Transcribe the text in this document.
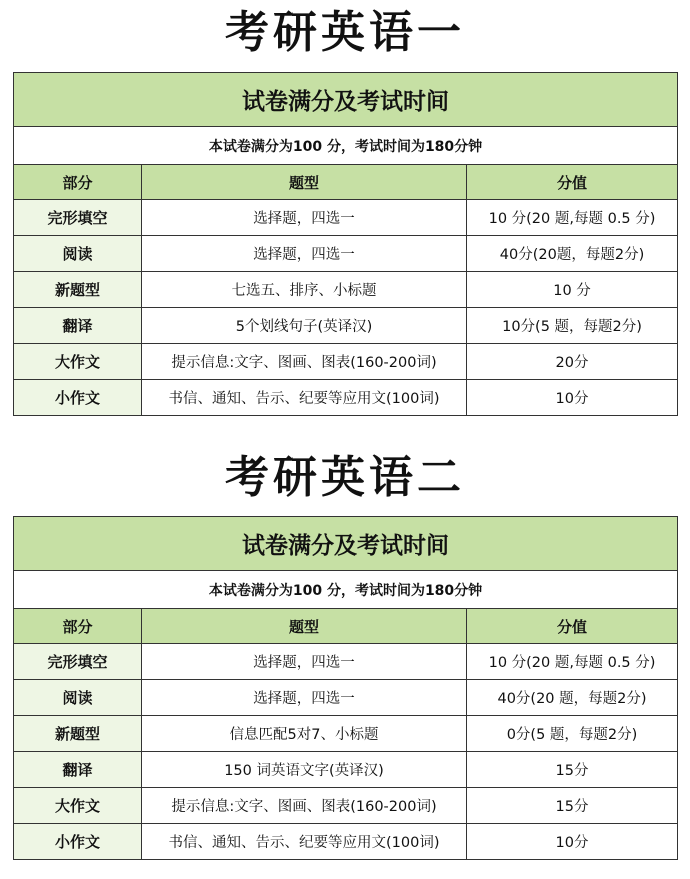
考研英语一
试卷满分及考试时间		
本试卷满分为100 分，考试时间为180分钟		
部分	题型	分值
完形填空	选择题，四选一	10 分(20 题,每题 0.5 分)
阅读	选择题，四选一	40分(20题，每题2分)
新题型	七选五、排序、小标题	10 分
翻译	5个划线句子(英译汉)	10分(5 题，每题2分)
大作文	提示信息:文字、图画、图表(160-200词)	20分
小作文	书信、通知、告示、纪要等应用文(100词)	10分
考研英语二
试卷满分及考试时间		
本试卷满分为100 分，考试时间为180分钟		
部分	题型	分值
完形填空	选择题，四选一	10 分(20 题,每题 0.5 分)
阅读	选择题，四选一	40分(20 题，每题2分)
新题型	信息匹配5对7、小标题	0分(5 题，每题2分)
翻译	150 词英语文字(英译汉)	15分
大作文	提示信息:文字、图画、图表(160-200词)	15分
小作文	书信、通知、告示、纪要等应用文(100词)	10分
